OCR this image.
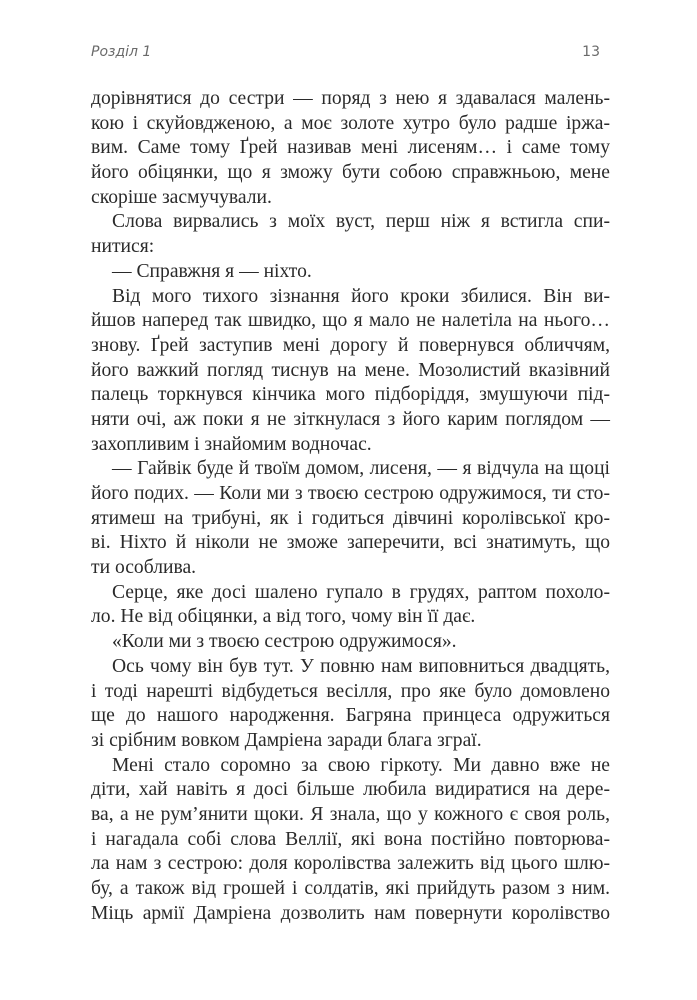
Розділ 1	13
дорівнятися до сестри — поряд з нею я здавалася малень-
кою і скуйовдженою, а моє золоте хутро було радше іржа-
вим. Саме тому Ґрей називав мені лисеням… і саме тому
його обіцянки, що я зможу бути собою справжньою, мене
скоріше засмучували.
Слова вирвались з моїх вуст, перш ніж я встигла спи-
нитися:
— Справжня я — ніхто.
Від мого тихого зізнання його кроки збилися. Він ви-
йшов наперед так швидко, що я мало не налетіла на нього…
знову. Ґрей заступив мені дорогу й повернувся обличчям,
його важкий погляд тиснув на мене. Мозолистий вказівний
палець торкнувся кінчика мого підборіддя, змушуючи під-
няти очі, аж поки я не зіткнулася з його карим поглядом —
захопливим і знайомим водночас.
— Гайвік буде й твоїм домом, лисеня, — я відчула на щоці
його подих. — Коли ми з твоєю сестрою одружимося, ти сто-
ятимеш на трибуні, як і годиться дівчині королівської кро-
ві. Ніхто й ніколи не зможе заперечити, всі знатимуть, що
ти особлива.
Серце, яке досі шалено гупало в грудях, раптом похоло-
ло. Не від обіцянки, а від того, чому він її дає.
«Коли ми з твоєю сестрою одружимося».
Ось чому він був тут. У повню нам виповниться двадцять,
і тоді нарешті відбудеться весілля, про яке було домовлено
ще до нашого народження. Багряна принцеса одружиться
зі срібним вовком Дамріена заради блага зграї.
Мені стало соромно за свою гіркоту. Ми давно вже не
діти, хай навіть я досі більше любила видиратися на дере-
ва, а не рум’янити щоки. Я знала, що у кожного є своя роль,
і нагадала собі слова Веллії, які вона постійно повторюва-
ла нам з сестрою: доля королівства залежить від цього шлю-
бу, а також від грошей і солдатів, які прийдуть разом з ним.
Міць армії Дамріена дозволить нам повернути королівство
